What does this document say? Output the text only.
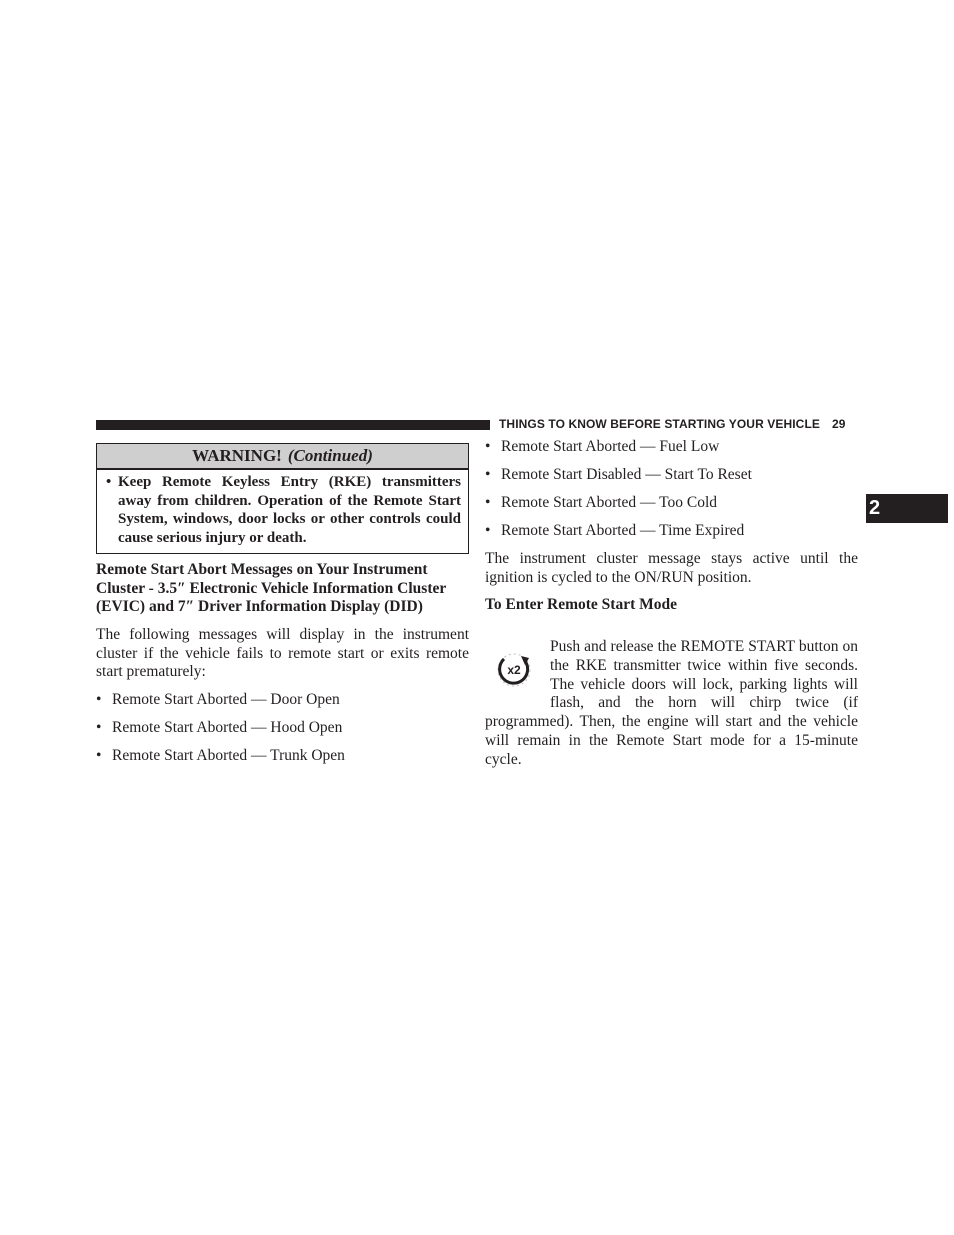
THINGS TO KNOW BEFORE STARTING YOUR VEHICLE 29
2
WARNING! (Continued)
• Keep Remote Keyless Entry (RKE) transmitters away from children. Operation of the Remote Start System, windows, door locks or other controls could cause serious injury or death.

Remote Start Abort Messages on Your Instrument Cluster - 3.5″ Electronic Vehicle Information Cluster (EVIC) and 7″ Driver Information Display (DID)

The following messages will display in the instrument cluster if the vehicle fails to remote start or exits remote start prematurely:

• Remote Start Aborted — Door Open
• Remote Start Aborted — Hood Open
• Remote Start Aborted — Trunk Open
• Remote Start Aborted — Fuel Low
• Remote Start Disabled — Start To Reset
• Remote Start Aborted — Too Cold
• Remote Start Aborted — Time Expired

The instrument cluster message stays active until the ignition is cycled to the ON/RUN position.

To Enter Remote Start Mode

x2

Push and release the REMOTE START button on the RKE transmitter twice within five seconds. The vehicle doors will lock, parking lights will flash, and the horn will chirp twice (if programmed). Then, the engine will start and the vehicle will remain in the Remote Start mode for a 15-minute cycle.
